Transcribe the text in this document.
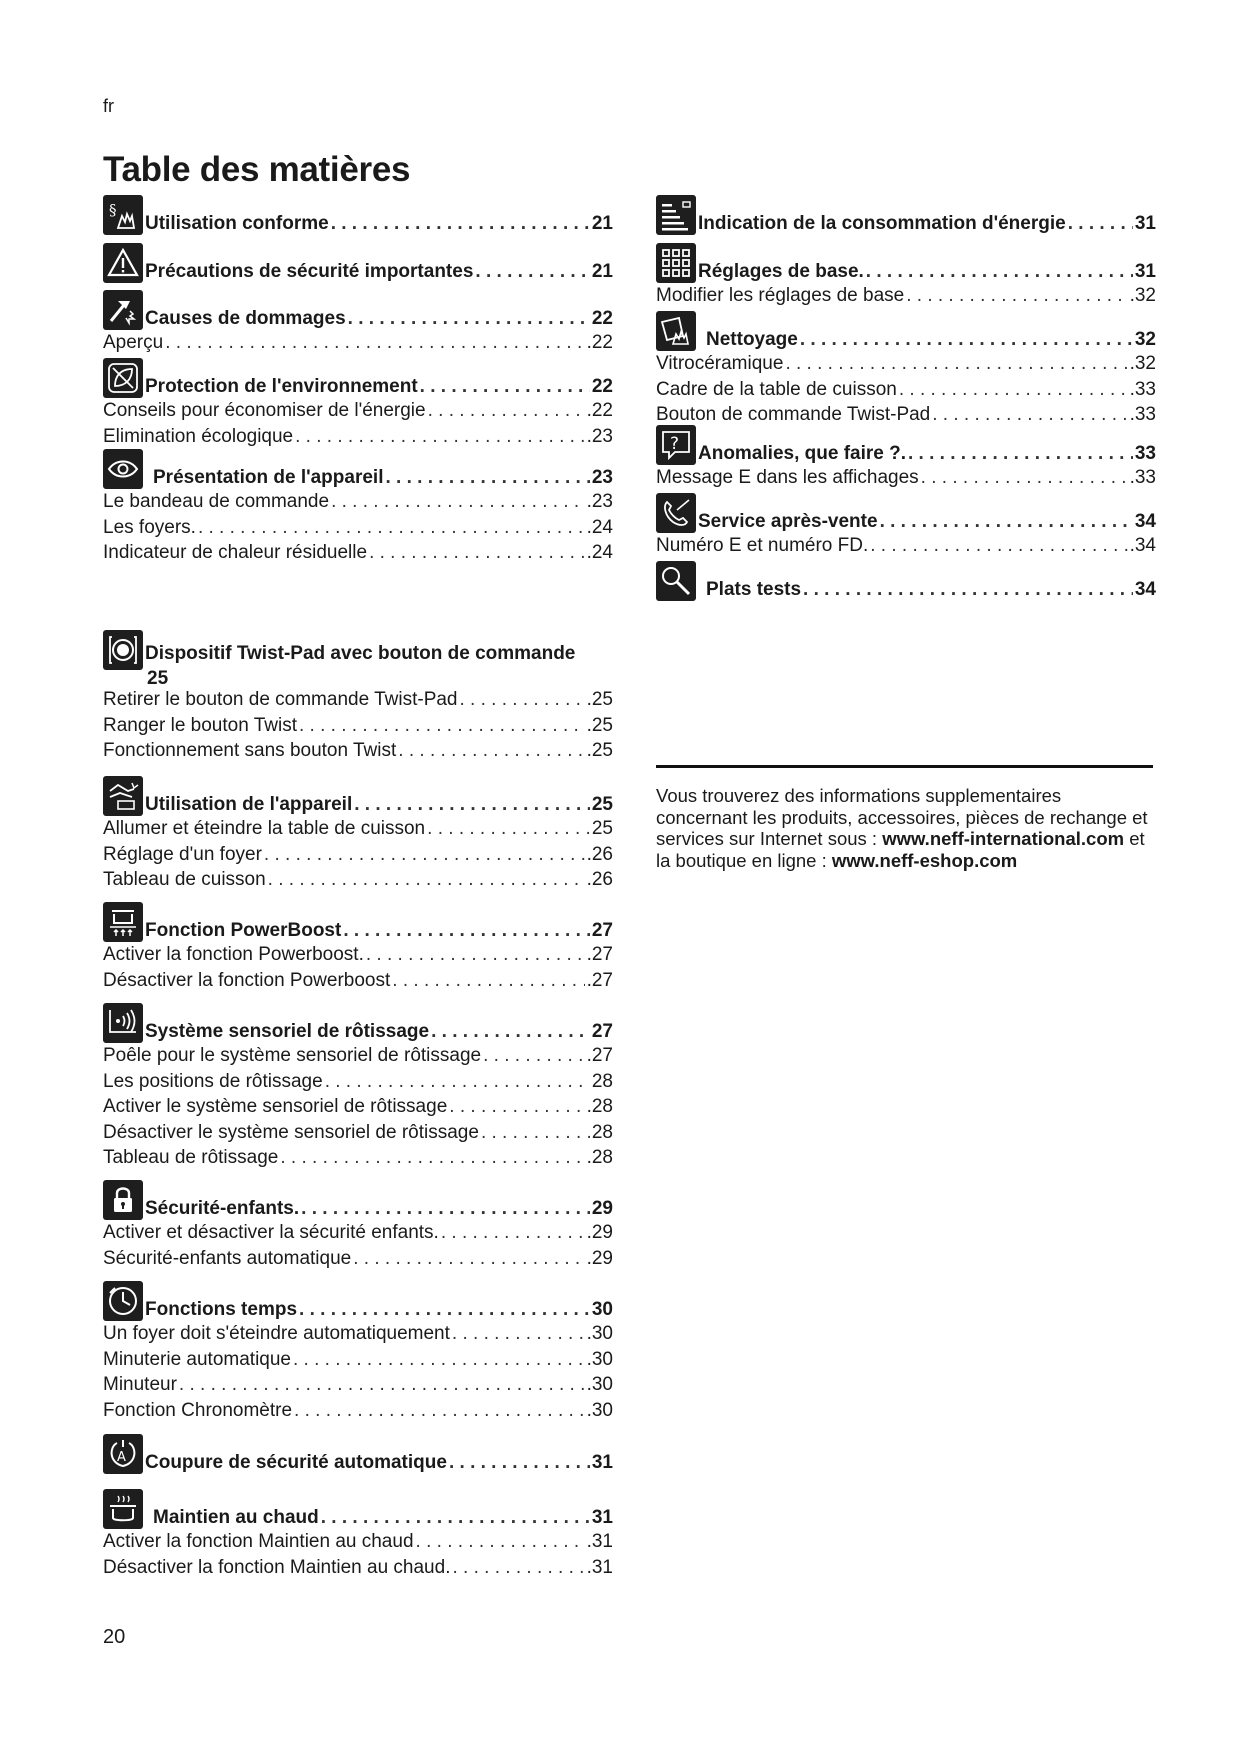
fr
Table des matières
§
Utilisation conforme . . .	21
Précautions de sécurité importantes . . .	21
Causes de dommages . . .	22
Aperçu . . .	.22
Protection de l'environnement . . .	22
Conseils pour économiser de l'énergie . . .	.22
Elimination écologique . . .	.23
Présentation de l'appareil . . .	23
Le bandeau de commande . . .	.23
Les foyers. . . .	.24
Indicateur de chaleur résiduelle . . .	.24
Dispositif Twist-Pad avec bouton de commande
25
Retirer le bouton de commande Twist-Pad . . .	.25
Ranger le bouton Twist . . .	.25
Fonctionnement sans bouton Twist . . .	.25
Utilisation de l'appareil . . .	25
Allumer et éteindre la table de cuisson . . .	25
Réglage d'un foyer . . .	.26
Tableau de cuisson . . .	.26
Fonction PowerBoost . . .	27
Activer la fonction Powerboost. . . .	.27
Désactiver la fonction Powerboost . . .	.27
Système sensoriel de rôtissage . . .	27
Poêle pour le système sensoriel de rôtissage . . .	.27
Les positions de rôtissage . . .	28
Activer le système sensoriel de rôtissage . . .	.28
Désactiver le système sensoriel de rôtissage . . .	28
Tableau de rôtissage . . .	.28
Sécurité-enfants. . . .	29
Activer et désactiver la sécurité enfants. . . .	.29
Sécurité-enfants automatique . . .	.29
Fonctions temps . . .	30
Un foyer doit s'éteindre automatiquement . . .	.30
Minuterie automatique . . .	.30
Minuteur . . .	.30
Fonction Chronomètre . . .	.30
A Coupure de sécurité automatique . . .	31
Maintien au chaud . . .	31
Activer la fonction Maintien au chaud . . .	.31
Désactiver la fonction Maintien au chaud. . . .	.31
Indication de la consommation d'énergie . . .	31
Réglages de base. . . .	31
Modifier les réglages de base . . .	.32
Nettoyage . . .	32
Vitrocéramique . . .	.32
Cadre de la table de cuisson . . .	.33
Bouton de commande Twist-Pad . . .	.33
? Anomalies, que faire ?. . . .	33
Message E dans les affichages . . .	.33
Service après-vente . . .	34
Numéro E et numéro FD. . . .	.34
Plats tests . . .	34
Vous trouverez des informations supplementaires concernant les produits, accessoires, pièces de rechange et services sur Internet sous : www.neff-international.com et la boutique en ligne : www.neff-eshop.com
20
